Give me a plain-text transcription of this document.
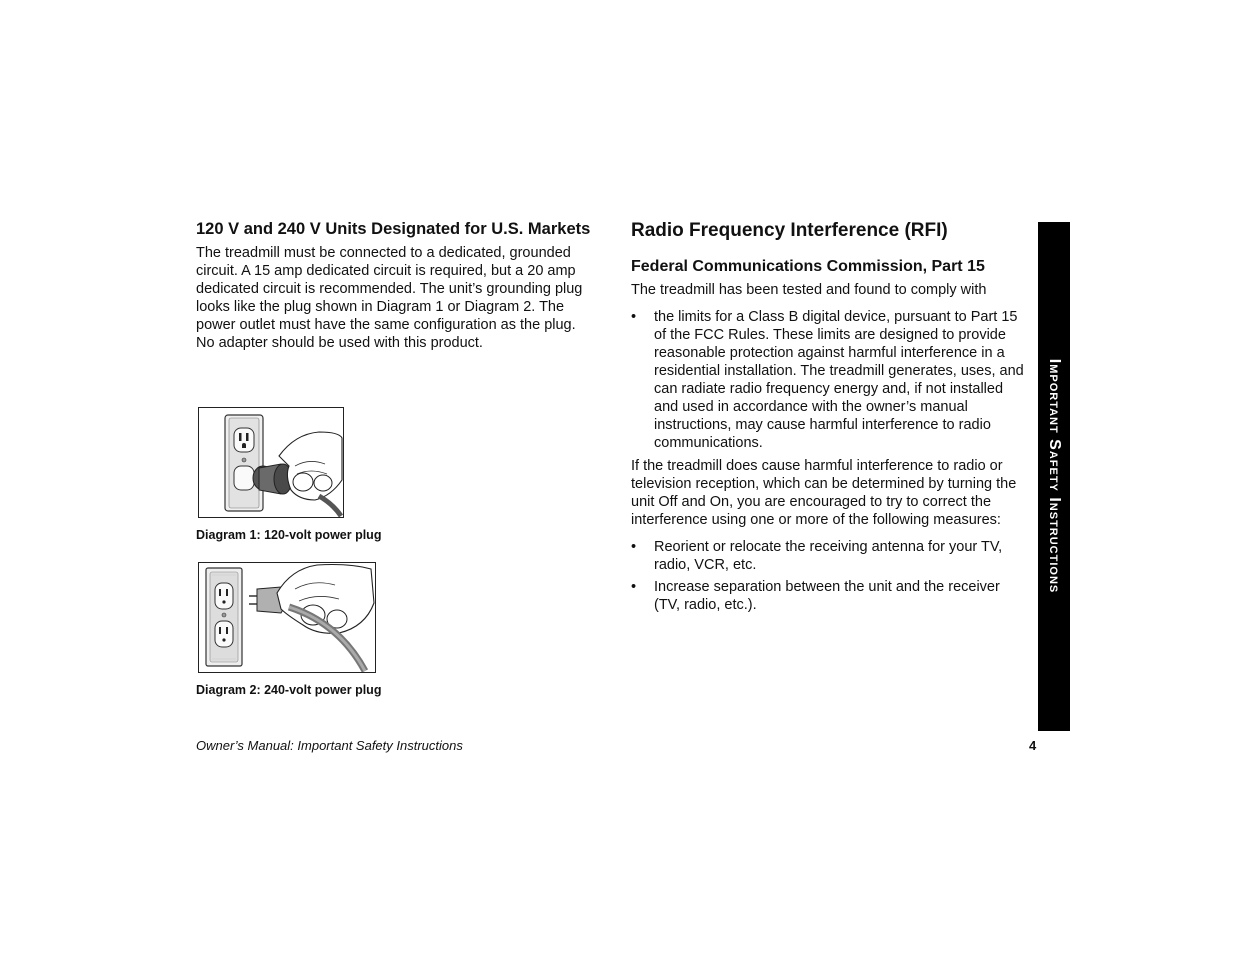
120 V and 240 V Units Designated for U.S. Markets

The treadmill must be connected to a dedicated, grounded circuit. A 15 amp dedicated circuit is required, but a 20 amp dedicated circuit is recommended. The unit’s grounding plug looks like the plug shown in Diagram 1 or Diagram 2. The power outlet must have the same configuration as the plug. No adapter should be used with this product.

Diagram 1: 120-volt power plug
Diagram 2: 240-volt power plug
Radio Frequency Interference (RFI)
Federal Communications Commission, Part 15

The treadmill has been tested and found to comply with

• the limits for a Class B digital device, pursuant to Part 15 of the FCC Rules. These limits are designed to provide reasonable protection against harmful interference in a residential installation. The treadmill generates, uses, and can radiate radio frequency energy and, if not installed and used in accordance with the owner’s manual instructions, may cause harmful interference to radio communications.

If the treadmill does cause harmful interference to radio or television reception, which can be determined by turning the unit Off and On, you are encouraged to try to correct the interference using one or more of the following measures:

• Reorient or relocate the receiving antenna for your TV, radio, VCR, etc.
• Increase separation between the unit and the receiver (TV, radio, etc.).
Important Safety Instructions
Owner’s Manual: Important Safety Instructions	4
